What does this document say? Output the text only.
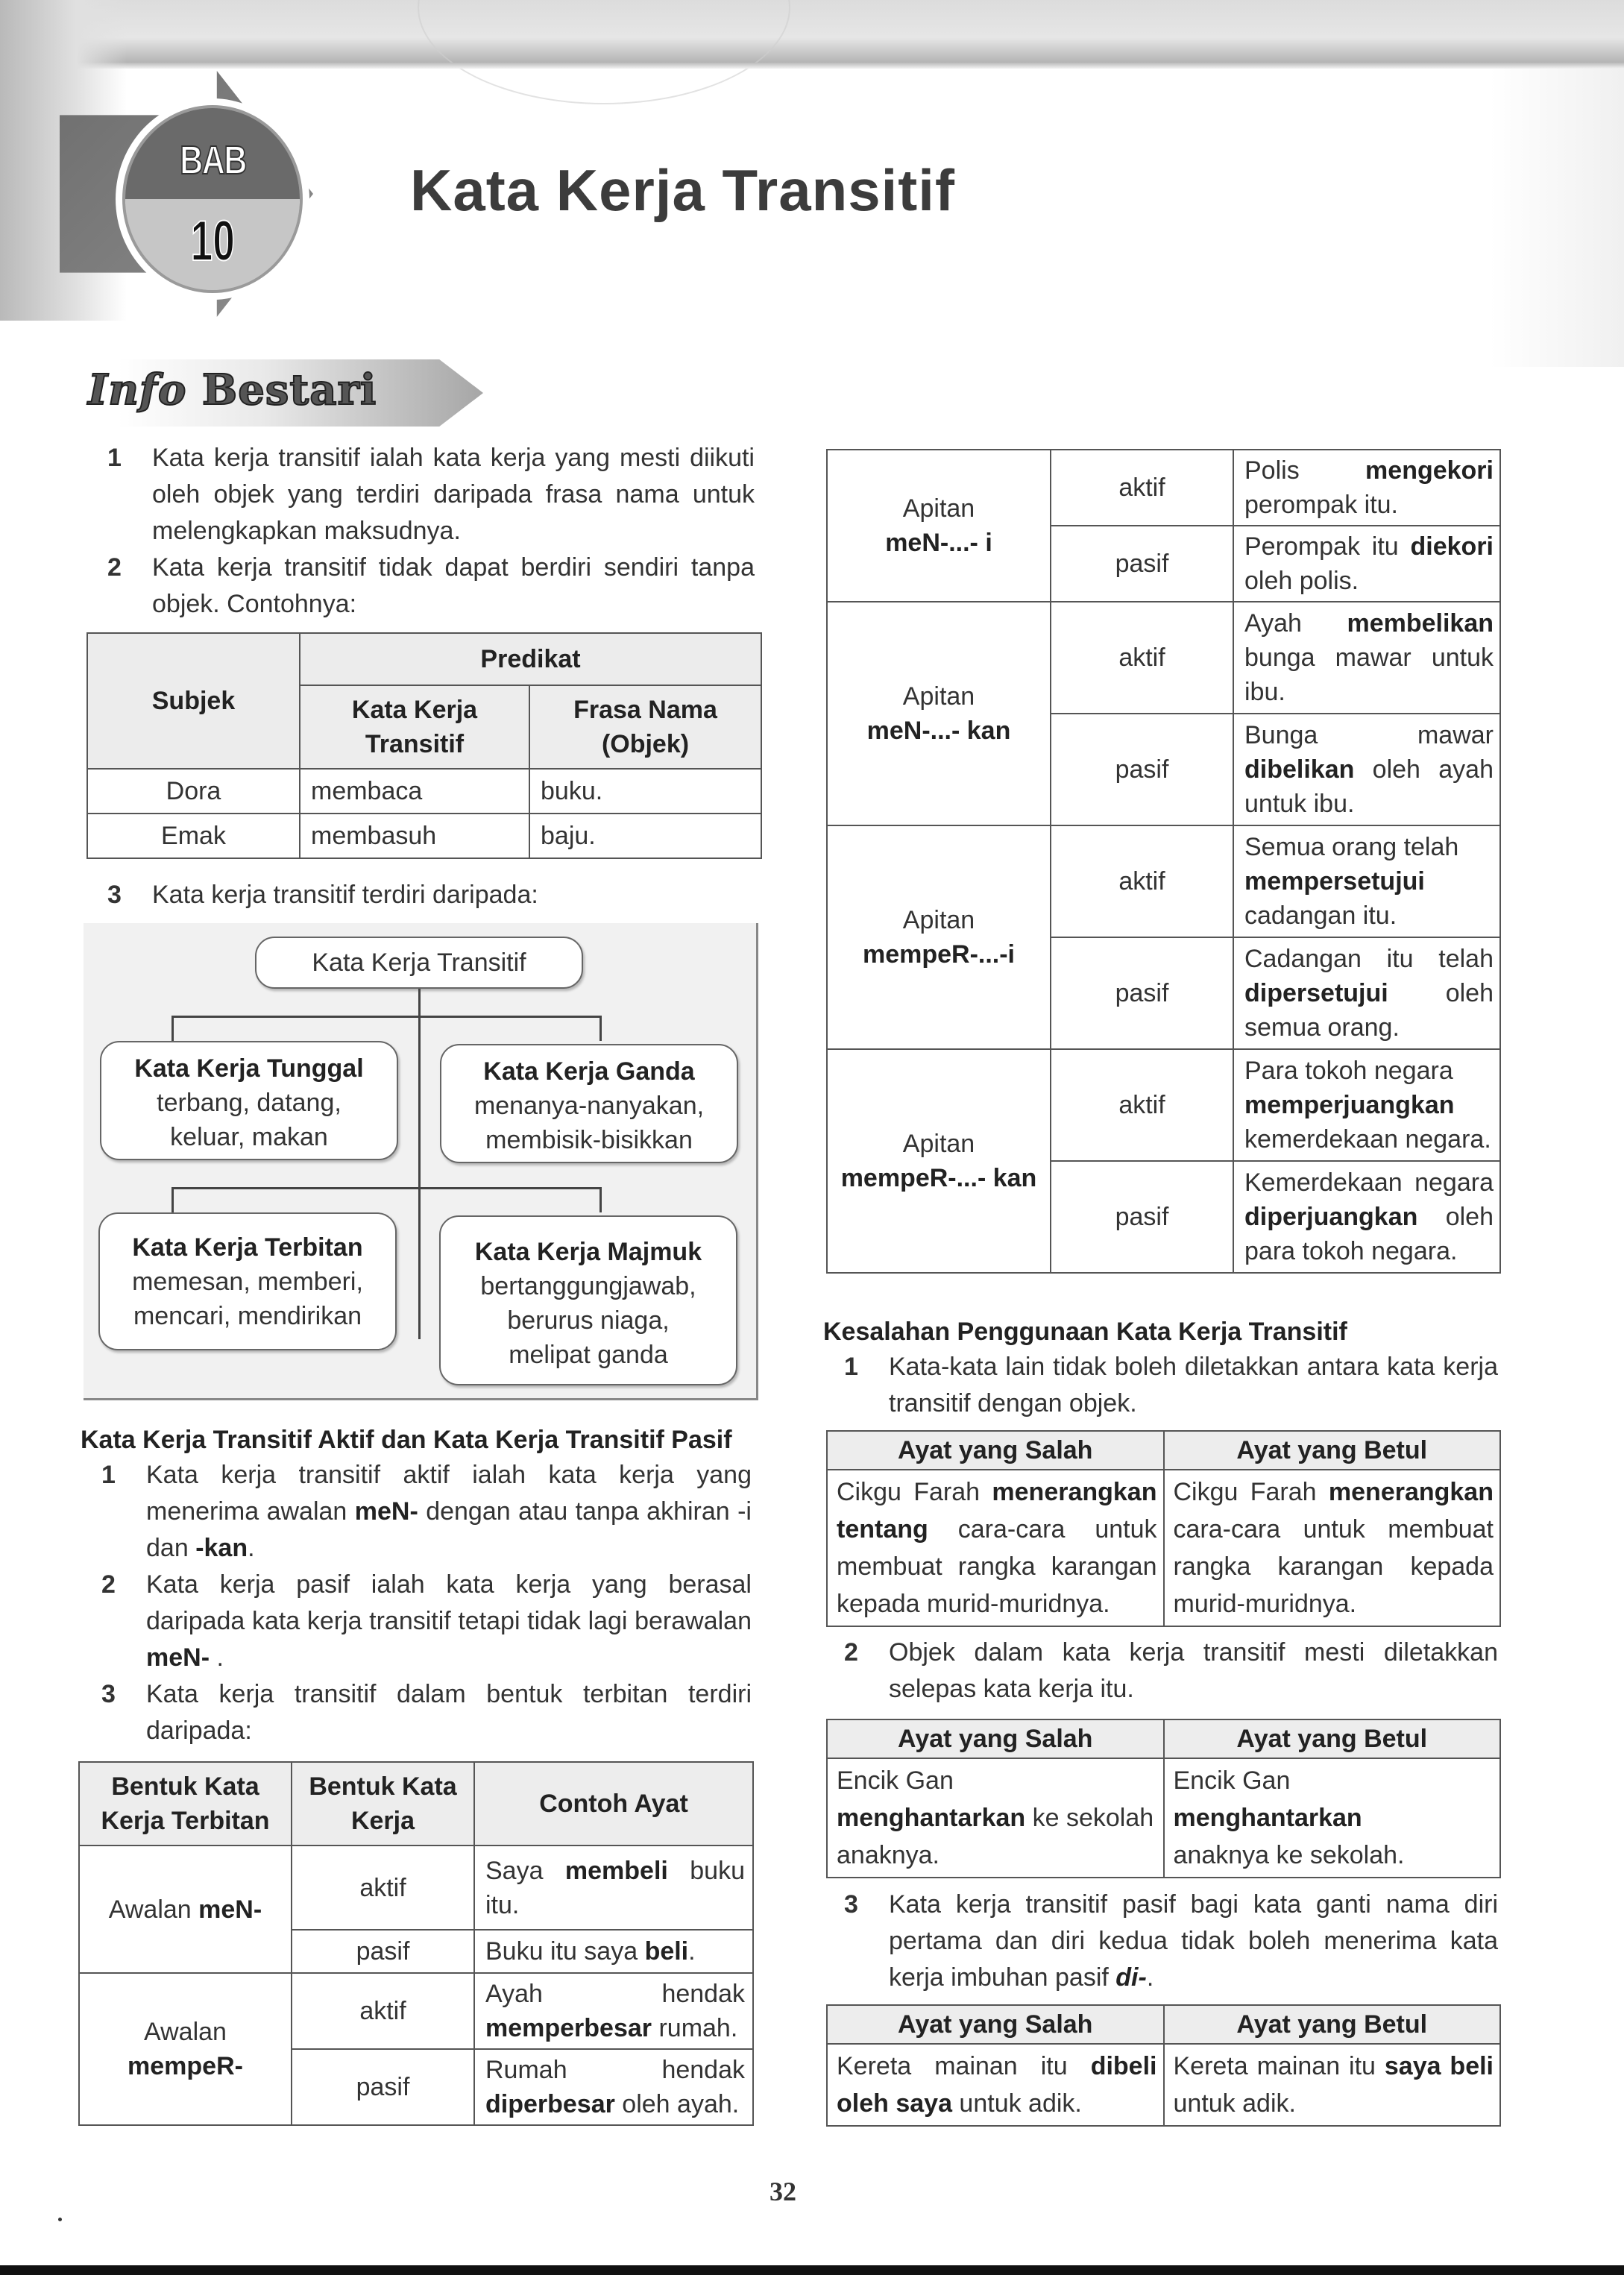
BAB
10
Kata Kerja Transitif
Info Bestari

1 Kata kerja transitif ialah kata kerja yang mesti diikuti oleh objek yang terdiri daripada frasa nama untuk melengkapkan maksudnya.

2 Kata kerja transitif tidak dapat berdiri sendiri tanpa objek. Contohnya:

Subjek	Predikat	
	Kata Kerja Transitif	Frasa Nama (Objek)
Dora	membaca	buku.
Emak	membasuh	baju.

3 Kata kerja transitif terdiri daripada:

Kata Kerja Transitif
Kata Kerja Tunggal
terbang, datang, keluar, makan
Kata Kerja Ganda
menanya-nanyakan, membisik-bisikkan
Kata Kerja Terbitan
memesan, memberi, mencari, mendirikan
Kata Kerja Majmuk
bertanggungjawab, berurus niaga, melipat ganda
Kata Kerja Transitif Aktif dan Kata Kerja Transitif Pasif

1 Kata kerja transitif aktif ialah kata kerja yang menerima awalan meN- dengan atau tanpa akhiran -i dan -kan.

2 Kata kerja pasif ialah kata kerja yang berasal daripada kata kerja transitif tetapi tidak lagi berawalan meN- .

3 Kata kerja transitif dalam bentuk terbitan terdiri daripada:

Bentuk Kata Kerja Terbitan	Bentuk Kata Kerja	Contoh Ayat
Awalan meN-	aktif	Saya membeli buku itu.
	pasif	Buku itu saya beli.
Awalan
mempeR-	aktif	Ayah hendak memperbesar rumah.
	pasif	Rumah hendak diperbesar oleh ayah.
Apitan
meN-...- i	aktif	Polis mengekori perompak itu.
	pasif	Perompak itu diekori oleh polis.
Apitan
meN-...- kan	aktif	Ayah membelikan bunga mawar untuk ibu.
	pasif	Bunga mawar dibelikan oleh ayah untuk ibu.
Apitan
mempeR-...-i	aktif	Semua orang telah mempersetujui cadangan itu.
	pasif	Cadangan itu telah dipersetujui oleh semua orang.
Apitan
mempeR-...- kan	aktif	Para tokoh negara memperjuangkan kemerdekaan negara.
	pasif	Kemerdekaan negara diperjuangkan oleh para tokoh negara.
Kesalahan Penggunaan Kata Kerja Transitif

1 Kata-kata lain tidak boleh diletakkan antara kata kerja transitif dengan objek.

Ayat yang Salah	Ayat yang Betul
Cikgu Farah menerangkan tentang cara-cara untuk membuat rangka karangan kepada murid-muridnya.	Cikgu Farah menerangkan cara-cara untuk membuat rangka karangan kepada murid-muridnya.

2 Objek dalam kata kerja transitif mesti diletakkan selepas kata kerja itu.

Ayat yang Salah	Ayat yang Betul
Encik Gan
menghantarkan ke sekolah anaknya.	Encik Gan
menghantarkan
anaknya ke sekolah.

3 Kata kerja transitif pasif bagi kata ganti nama diri pertama dan diri kedua tidak boleh menerima kata kerja imbuhan pasif di-.

Ayat yang Salah	Ayat yang Betul
Kereta mainan itu dibeli oleh saya untuk adik.	Kereta mainan itu saya beli untuk adik.
32
